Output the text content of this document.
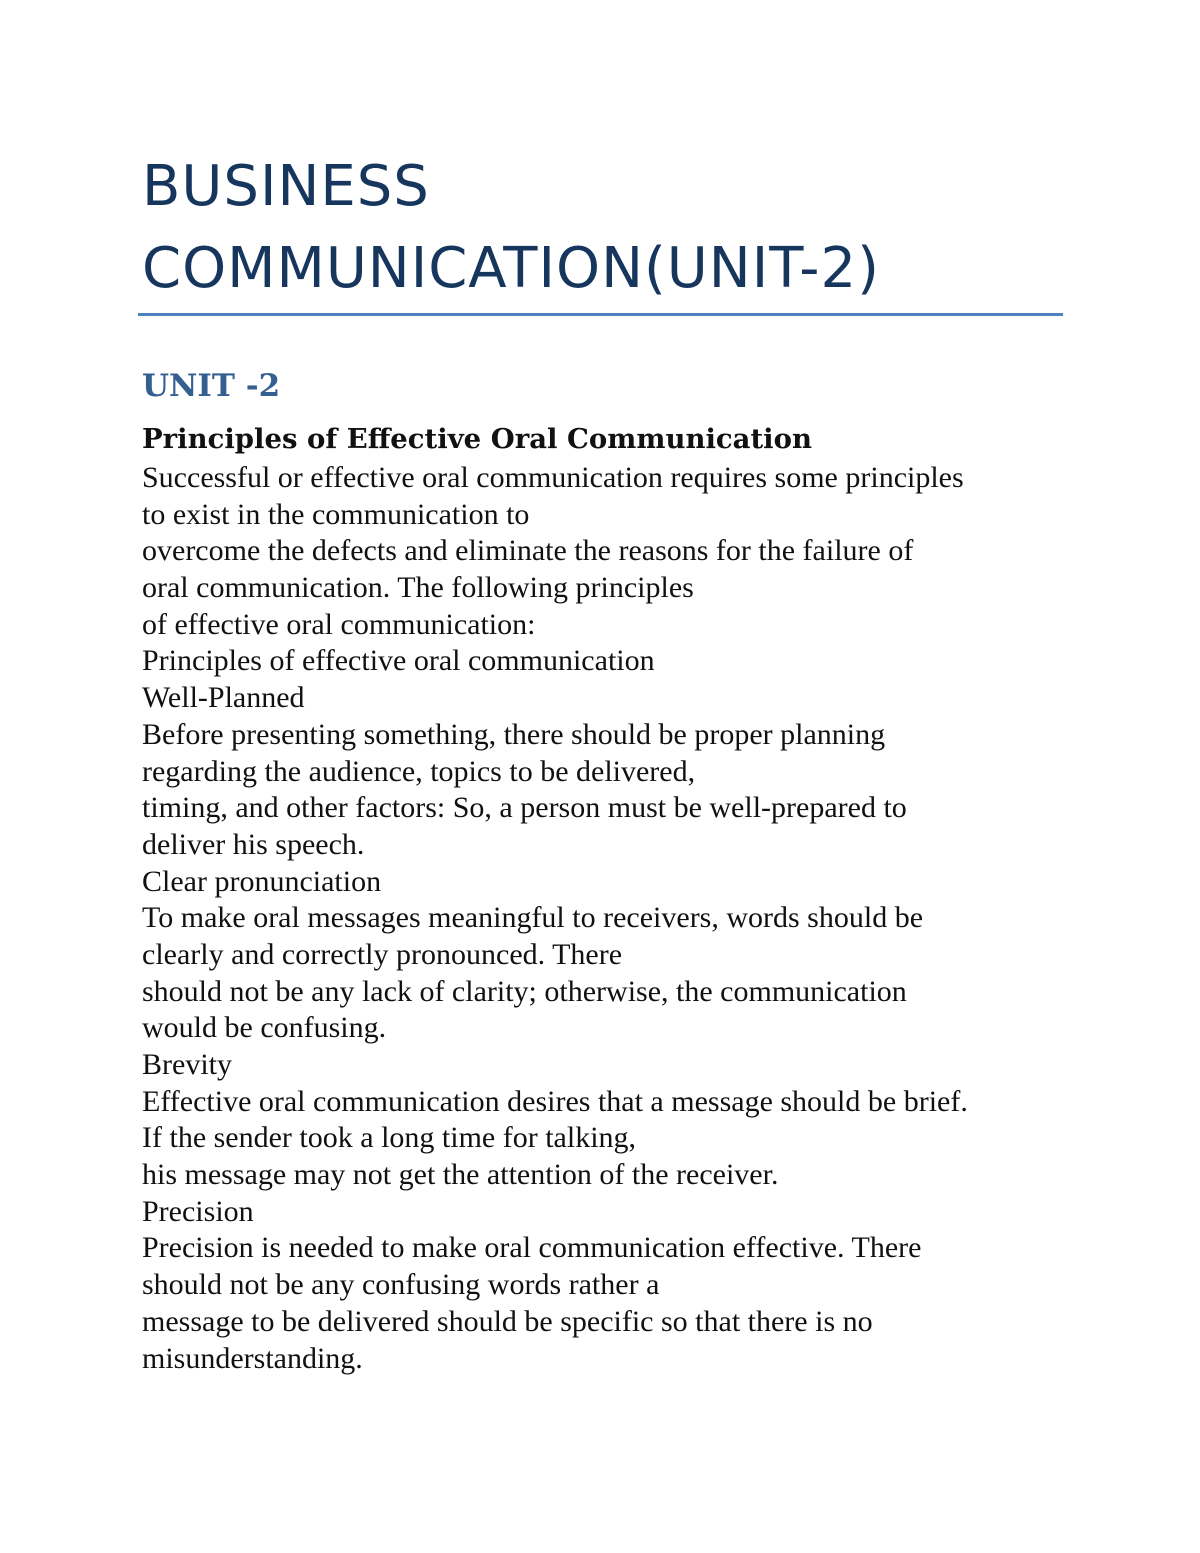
BUSINESS
COMMUNICATION(UNIT-2)
UNIT -2
Principles of Effective Oral Communication
Successful or effective oral communication requires some principles
to exist in the communication to
overcome the defects and eliminate the reasons for the failure of
oral communication. The following principles
of effective oral communication:
Principles of effective oral communication
Well-Planned
Before presenting something, there should be proper planning
regarding the audience, topics to be delivered,
timing, and other factors: So, a person must be well-prepared to
deliver his speech.
Clear pronunciation
To make oral messages meaningful to receivers, words should be
clearly and correctly pronounced. There
should not be any lack of clarity; otherwise, the communication
would be confusing.
Brevity
Effective oral communication desires that a message should be brief.
If the sender took a long time for talking,
his message may not get the attention of the receiver.
Precision
Precision is needed to make oral communication effective. There
should not be any confusing words rather a
message to be delivered should be specific so that there is no
misunderstanding.
